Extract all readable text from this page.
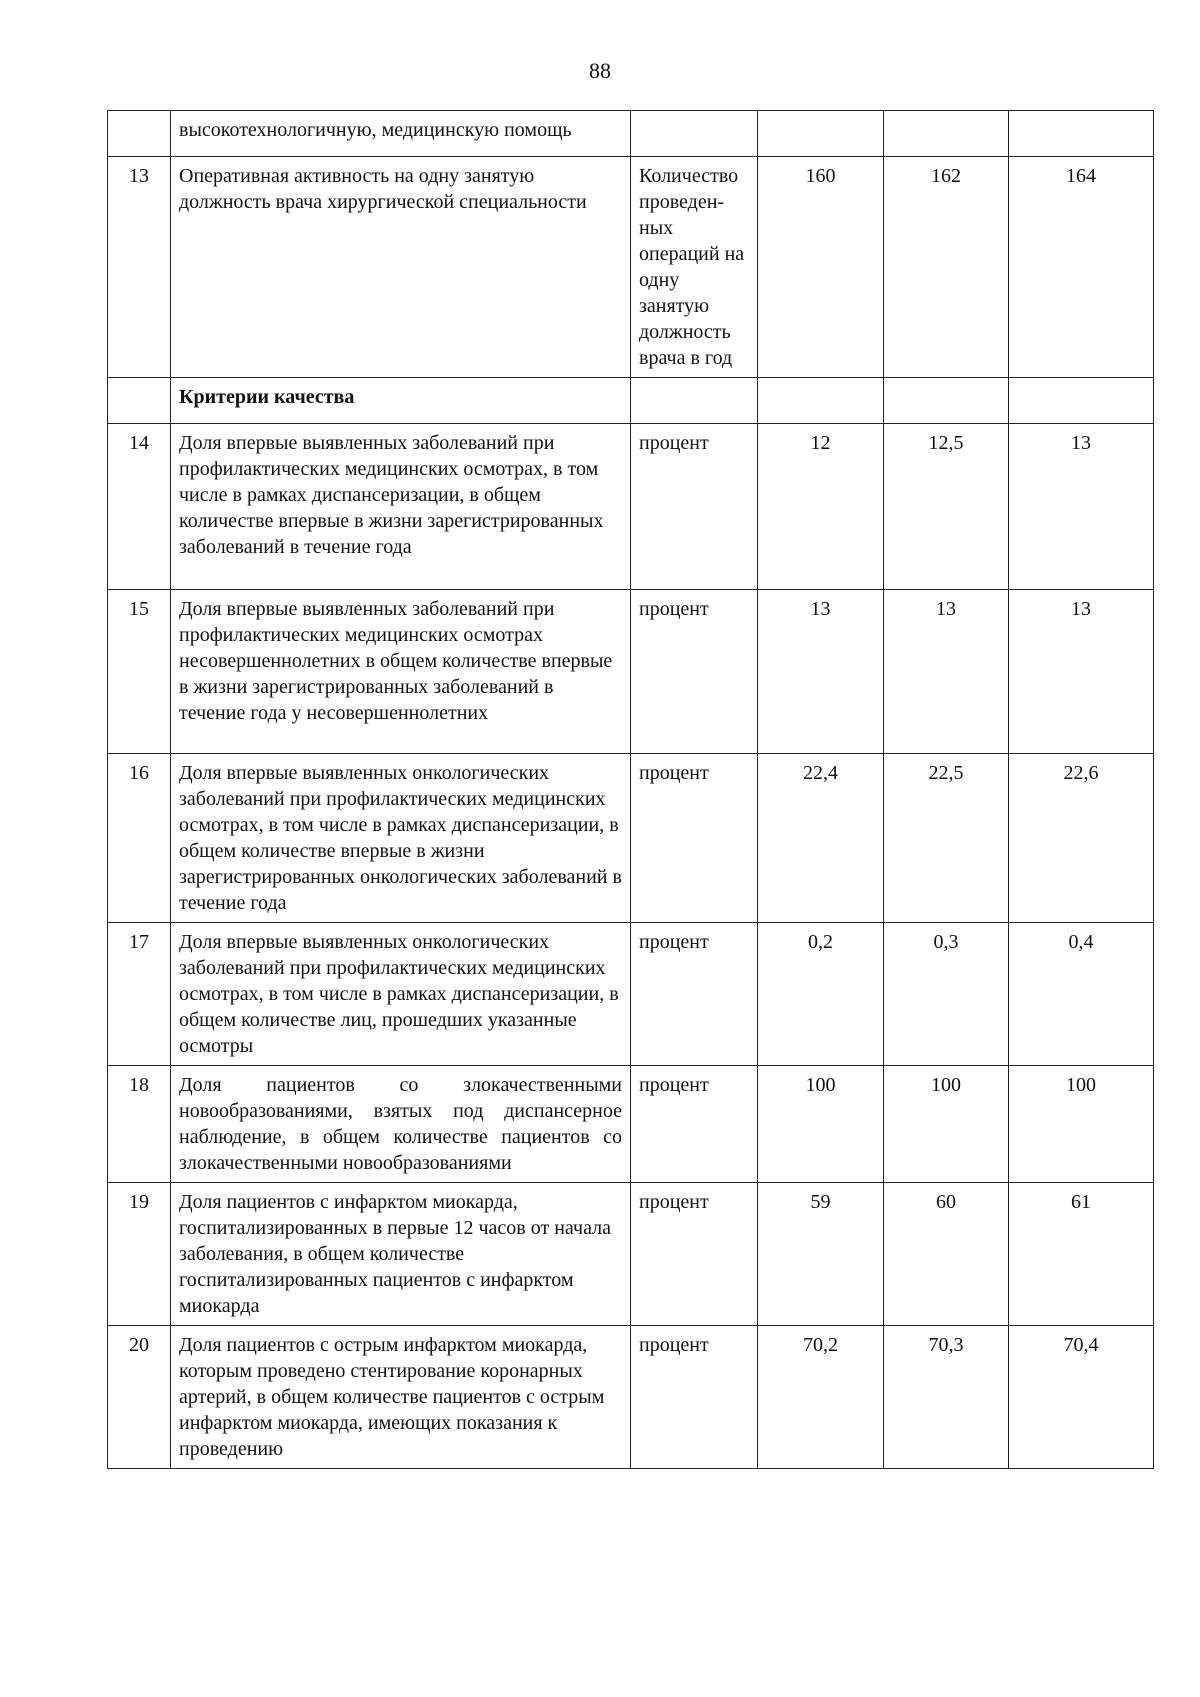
88
	высокотехнологичную, медицинскую помощь				
13	Оперативная активность на одну занятую должность врача хирургической специальности	Количество проведен- ных операций на одну занятую должность врача в год	160	162	164
	Критерии качества				
14	Доля впервые выявленных заболеваний при профилактических медицинских осмотрах, в том числе в рамках диспансеризации, в общем количестве впервые в жизни зарегистрированных заболеваний в течение года	процент	12	12,5	13
15	Доля впервые выявленных заболеваний при профилактических медицинских осмотрах несовершеннолетних в общем количестве впервые в жизни зарегистрированных заболеваний в течение года у несовершеннолетних	процент	13	13	13
16	Доля впервые выявленных онкологических заболеваний при профилактических медицинских осмотрах, в том числе в рамках диспансеризации, в общем количестве впервые в жизни зарегистрированных онкологических заболеваний в течение года	процент	22,4	22,5	22,6
17	Доля впервые выявленных онкологических заболеваний при профилактических медицинских осмотрах, в том числе в рамках диспансеризации, в общем количестве лиц, прошедших указанные осмотры	процент	0,2	0,3	0,4
18	Доля пациентов со злокачественными новообразованиями, взятых под диспансерное наблюдение, в общем количестве пациентов со злокачественными новообразованиями	процент	100	100	100
19	Доля пациентов с инфарктом миокарда, госпитализированных в первые 12 часов от начала заболевания, в общем количестве госпитализированных пациентов с инфарктом миокарда	процент	59	60	61
20	Доля пациентов с острым инфарктом миокарда, которым проведено стентирование коронарных артерий, в общем количестве пациентов с острым инфарктом миокарда, имеющих показания к проведению	процент	70,2	70,3	70,4
